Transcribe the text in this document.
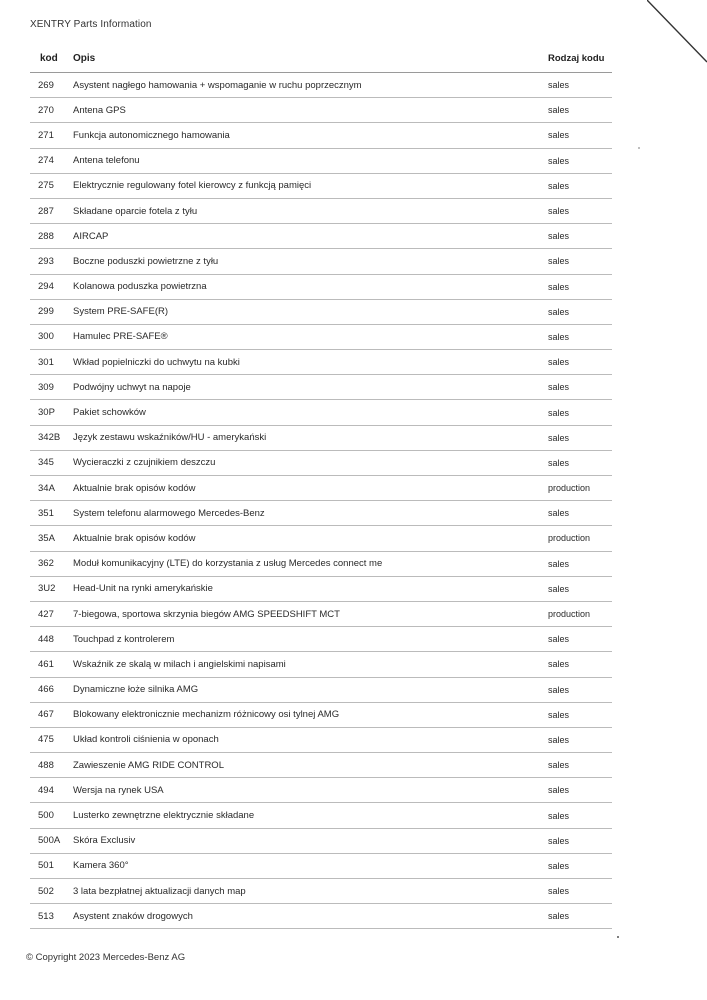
XENTRY Parts Information
kod	Opis	Rodzaj kodu
269	Asystent nagłego hamowania + wspomaganie w ruchu poprzecznym	sales
270	Antena GPS	sales
271	Funkcja autonomicznego hamowania	sales
274	Antena telefonu	sales
275	Elektrycznie regulowany fotel kierowcy z funkcją pamięci	sales
287	Składane oparcie fotela z tyłu	sales
288	AIRCAP	sales
293	Boczne poduszki powietrzne z tyłu	sales
294	Kolanowa poduszka powietrzna	sales
299	System PRE-SAFE(R)	sales
300	Hamulec PRE-SAFE®	sales
301	Wkład popielniczki do uchwytu na kubki	sales
309	Podwójny uchwyt na napoje	sales
30P	Pakiet schowków	sales
342B	Język zestawu wskaźników/HU - amerykański	sales
345	Wycieraczki z czujnikiem deszczu	sales
34A	Aktualnie brak opisów kodów	production
351	System telefonu alarmowego Mercedes-Benz	sales
35A	Aktualnie brak opisów kodów	production
362	Moduł komunikacyjny (LTE) do korzystania z usług Mercedes connect me	sales
3U2	Head-Unit na rynki amerykańskie	sales
427	7-biegowa, sportowa skrzynia biegów AMG SPEEDSHIFT MCT	production
448	Touchpad z kontrolerem	sales
461	Wskaźnik ze skalą w milach i angielskimi napisami	sales
466	Dynamiczne łoże silnika AMG	sales
467	Blokowany elektronicznie mechanizm różnicowy osi tylnej AMG	sales
475	Układ kontroli ciśnienia w oponach	sales
488	Zawieszenie AMG RIDE CONTROL	sales
494	Wersja na rynek USA	sales
500	Lusterko zewnętrzne elektrycznie składane	sales
500A	Skóra Exclusiv	sales
501	Kamera 360°	sales
502	3 lata bezpłatnej aktualizacji danych map	sales
513	Asystent znaków drogowych	sales
© Copyright 2023 Mercedes-Benz AG
